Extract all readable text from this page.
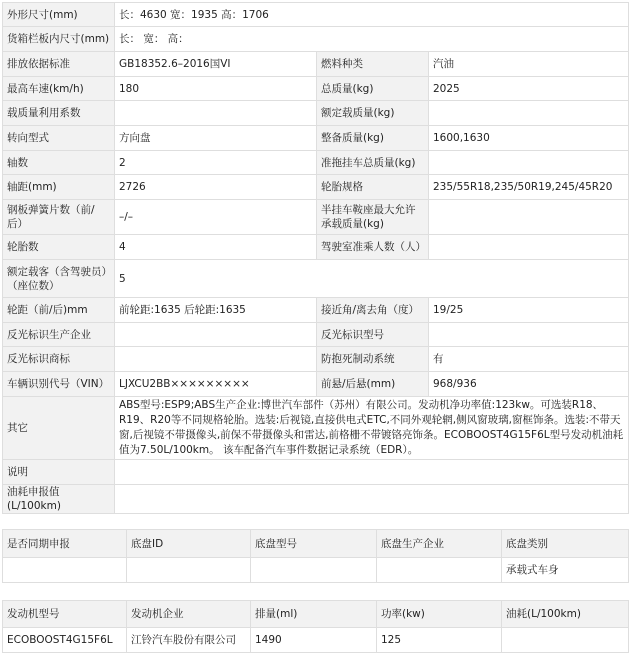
外形尺寸(mm)	长：4630 宽：1935 高：1706		
货箱栏板内尺寸(mm)	长： 宽： 高：		
排放依据标准	GB18352.6–2016国VI	燃料种类	汽油
最高车速(km/h)	180	总质量(kg)	2025
载质量利用系数		额定载质量(kg)	
转向型式	方向盘	整备质量(kg)	1600,1630
轴数	2	准拖挂车总质量(kg)	
轴距(mm)	2726	轮胎规格	235/55R18,235/50R19,245/45R20
钢板弹簧片数（前/后）	–/–	半挂车鞍座最大允许承载质量(kg)	
轮胎数	4	驾驶室准乘人数（人）	
额定载客（含驾驶员）（座位数）	5		
轮距（前/后)mm	前轮距:1635 后轮距:1635	接近角/离去角（度）	19/25
反光标识生产企业		反光标识型号	
反光标识商标		防抱死制动系统	有
车辆识别代号（VIN）	LJXCU2BB×××××××××	前悬/后悬(mm)	968/936
其它	ABS型号:ESP9;ABS生产企业:博世汽车部件（苏州）有限公司。发动机净功率值:123kw。可选装R18、R19、R20等不同规格轮胎。选装:后视镜,直接供电式ETC,不同外观轮辋,侧风窗玻璃,窗框饰条。选装:不带天窗,后视镜不带摄像头,前保不带摄像头和雷达,前格栅不带镀铬亮饰条。ECOBOOST4G15F6L型号发动机油耗值为7.50L/100km。 该车配备汽车事件数据记录系统（EDR）。		
说明			
油耗申报值(L/100km)			
是否同期申报	底盘ID	底盘型号	底盘生产企业	底盘类别
				承载式车身
发动机型号	发动机企业	排量(ml)	功率(kw)	油耗(L/100km)
ECOBOOST4G15F6L	江铃汽车股份有限公司	1490	125	
